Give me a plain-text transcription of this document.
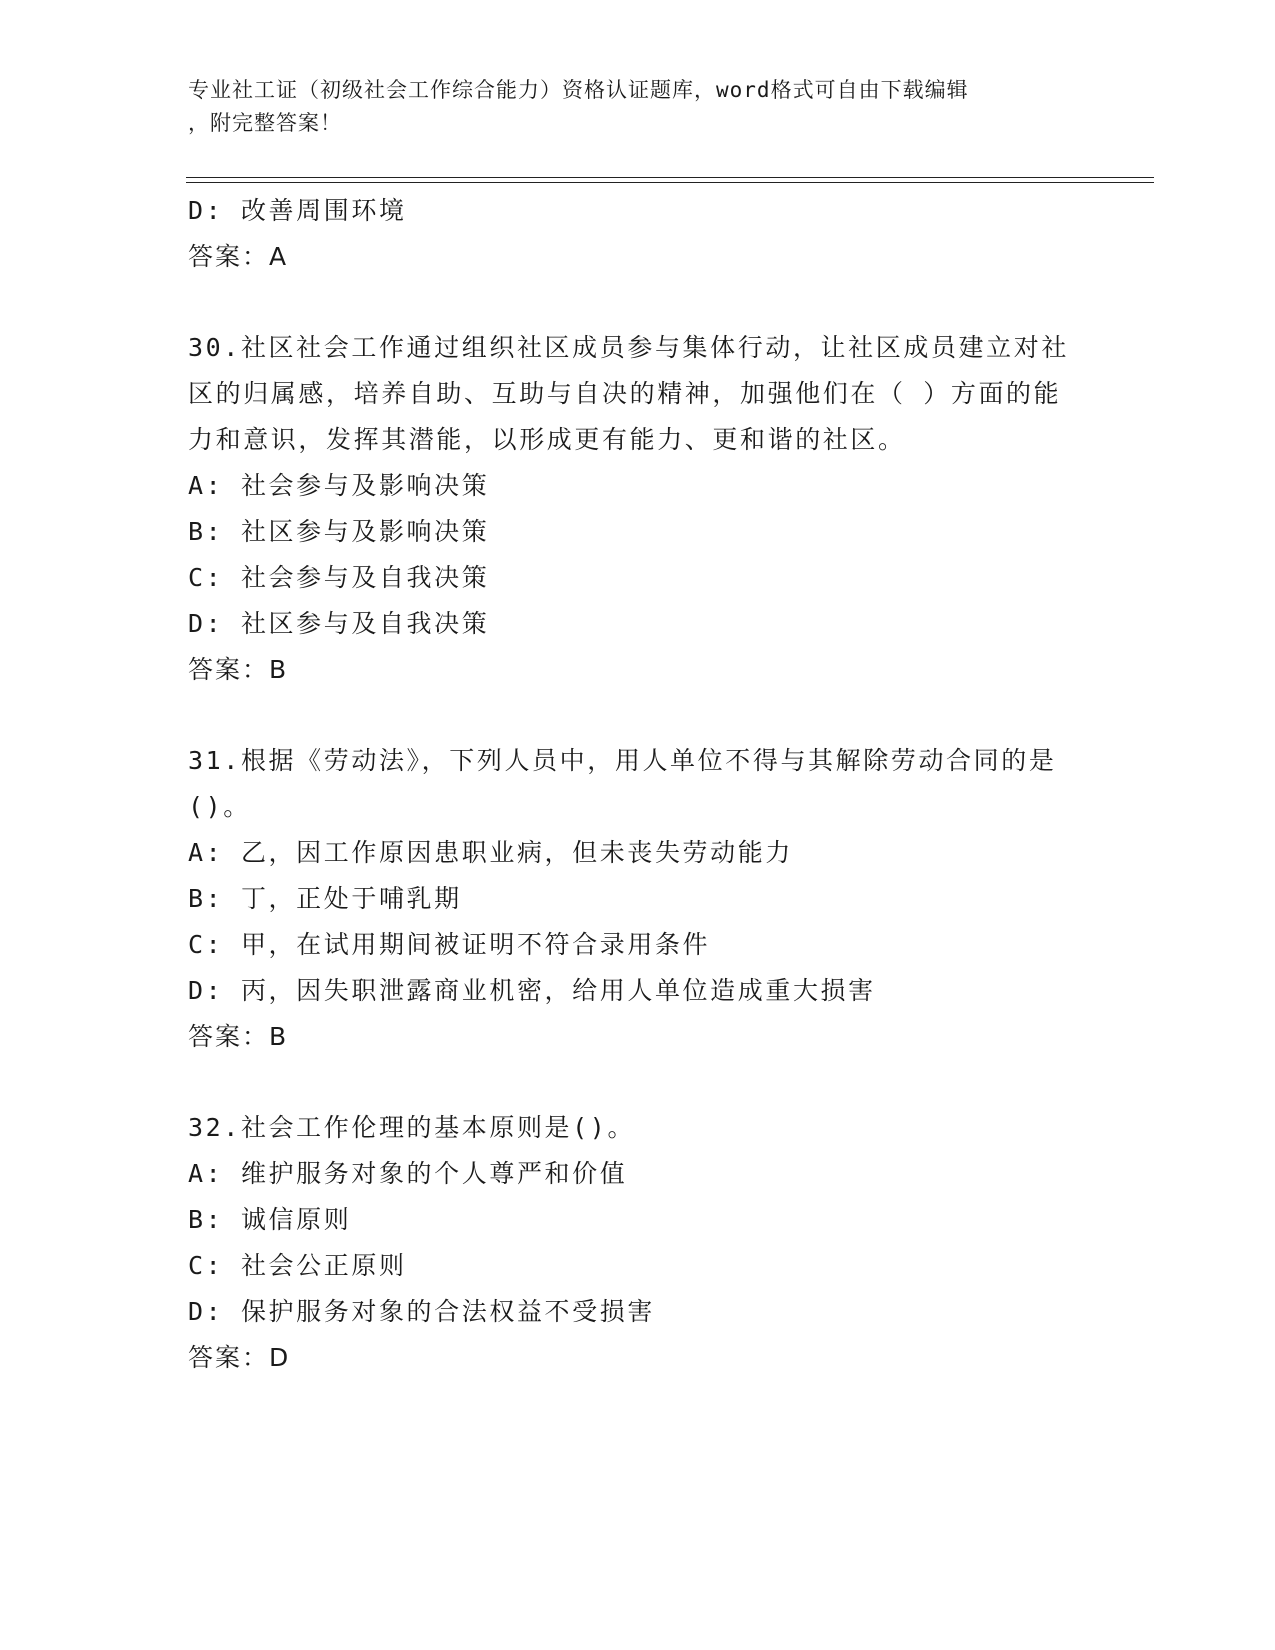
专业社工证（初级社会工作综合能力）资格认证题库，word格式可自由下载编辑
，附完整答案！
D: 改善周围环境
答案：A
30.社区社会工作通过组织社区成员参与集体行动，让社区成员建立对社区的归属感，培养自助、互助与自决的精神，加强他们在（ ）方面的能力和意识，发挥其潜能，以形成更有能力、更和谐的社区。
A: 社会参与及影响决策
B: 社区参与及影响决策
C: 社会参与及自我决策
D: 社区参与及自我决策
答案：B
31.根据《劳动法》，下列人员中，用人单位不得与其解除劳动合同的是()。
A: 乙，因工作原因患职业病，但未丧失劳动能力
B: 丁，正处于哺乳期
C: 甲，在试用期间被证明不符合录用条件
D: 丙，因失职泄露商业机密，给用人单位造成重大损害
答案：B
32.社会工作伦理的基本原则是()。
A: 维护服务对象的个人尊严和价值
B: 诚信原则
C: 社会公正原则
D: 保护服务对象的合法权益不受损害
答案：D
